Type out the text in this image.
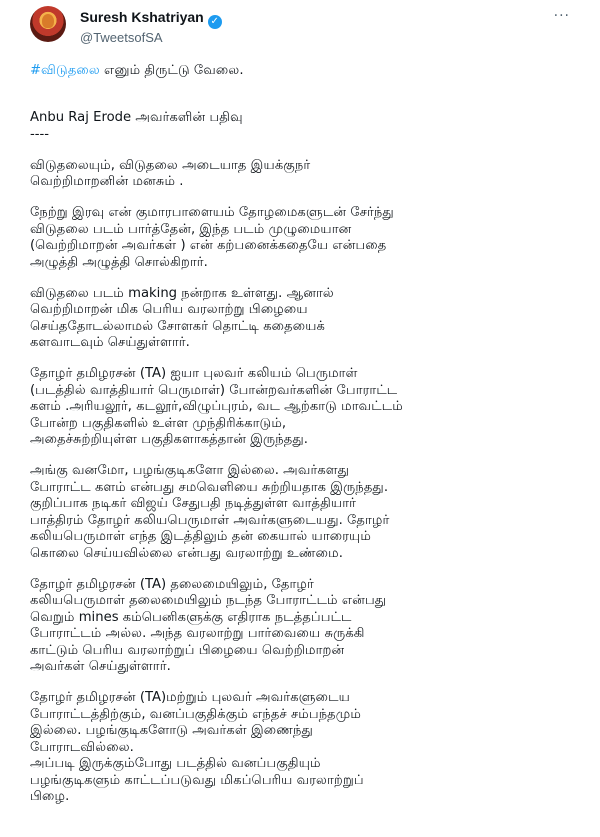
Suresh Kshatriyan ✓
@TweetsofSA
···

#விடுதலை எனும் திருட்டு வேலை.

Anbu Raj Erode அவர்களின் பதிவு
----

விடுதலையும், விடுதலை அடையாத இயக்குநர்
வெற்றிமாறனின் மனசும் .

நேற்று இரவு என் குமாரபாளையம் தோழமைகளுடன் சேர்ந்து
விடுதலை படம் பார்த்தேன், இந்த படம் முழுமையான
(வெற்றிமாறன் அவர்கள் ) என் கற்பனைக்கதையே என்பதை
அழுத்தி அழுத்தி சொல்கிறார்.

விடுதலை படம் making நன்றாக உள்ளது. ஆனால்
வெற்றிமாறன் மிக பெரிய வரலாற்று பிழையை
செய்ததோடல்லாமல் சோளகர் தொட்டி கதையைக்
களவாடவும் செய்துள்ளார்.

தோழர் தமிழரசன் (TA) ஐயா புலவர் கலியம் பெருமாள்
(படத்தில் வாத்தியார் பெருமாள்) போன்றவர்களின் போராட்ட
களம் .அரியலூர், கடலூர்,விழுப்புரம், வட ஆற்காடு மாவட்டம்
போன்ற பகுதிகளில் உள்ள முந்திரிக்காடும்,
அதைச்சுற்றியுள்ள பகுதிகளாகத்தான் இருந்தது.

அங்கு வனமோ, பழங்குடிகளோ இல்லை. அவர்களது
போராட்ட களம் என்பது சமவெளியை சுற்றியதாக இருந்தது.
குறிப்பாக நடிகர் விஜய் சேதுபதி நடித்துள்ள வாத்தியார்
பாத்திரம் தோழர் கலியபெருமாள் அவர்களுடையது. தோழர்
கலியபெருமாள் எந்த இடத்திலும் தன் கையால் யாரையும்
கொலை செய்யவில்லை என்பது வரலாற்று உண்மை.

தோழர் தமிழரசன் (TA) தலைமையிலும், தோழர்
கலியபெருமாள் தலைமையிலும் நடந்த போராட்டம் என்பது
வெறும் mines கம்பெனிகளுக்கு எதிராக நடத்தப்பட்ட
போராட்டம் அல்ல. அந்த வரலாற்று பார்வையை சுருக்கி
காட்டும் பெரிய வரலாற்றுப் பிழையை வெற்றிமாறன்
அவர்கள் செய்துள்ளார்.

தோழர் தமிழரசன் (TA)மற்றும் புலவர் அவர்களுடைய
போராட்டத்திற்கும், வனப்பகுதிக்கும் எந்தச் சம்பந்தமும்
இல்லை. பழங்குடிகளோடு அவர்கள் இணைந்து
போராடவில்லை.
அப்படி இருக்கும்போது படத்தில் வனப்பகுதியும்
பழங்குடிகளும் காட்டப்படுவது மிகப்பெரிய வரலாற்றுப்
பிழை.
